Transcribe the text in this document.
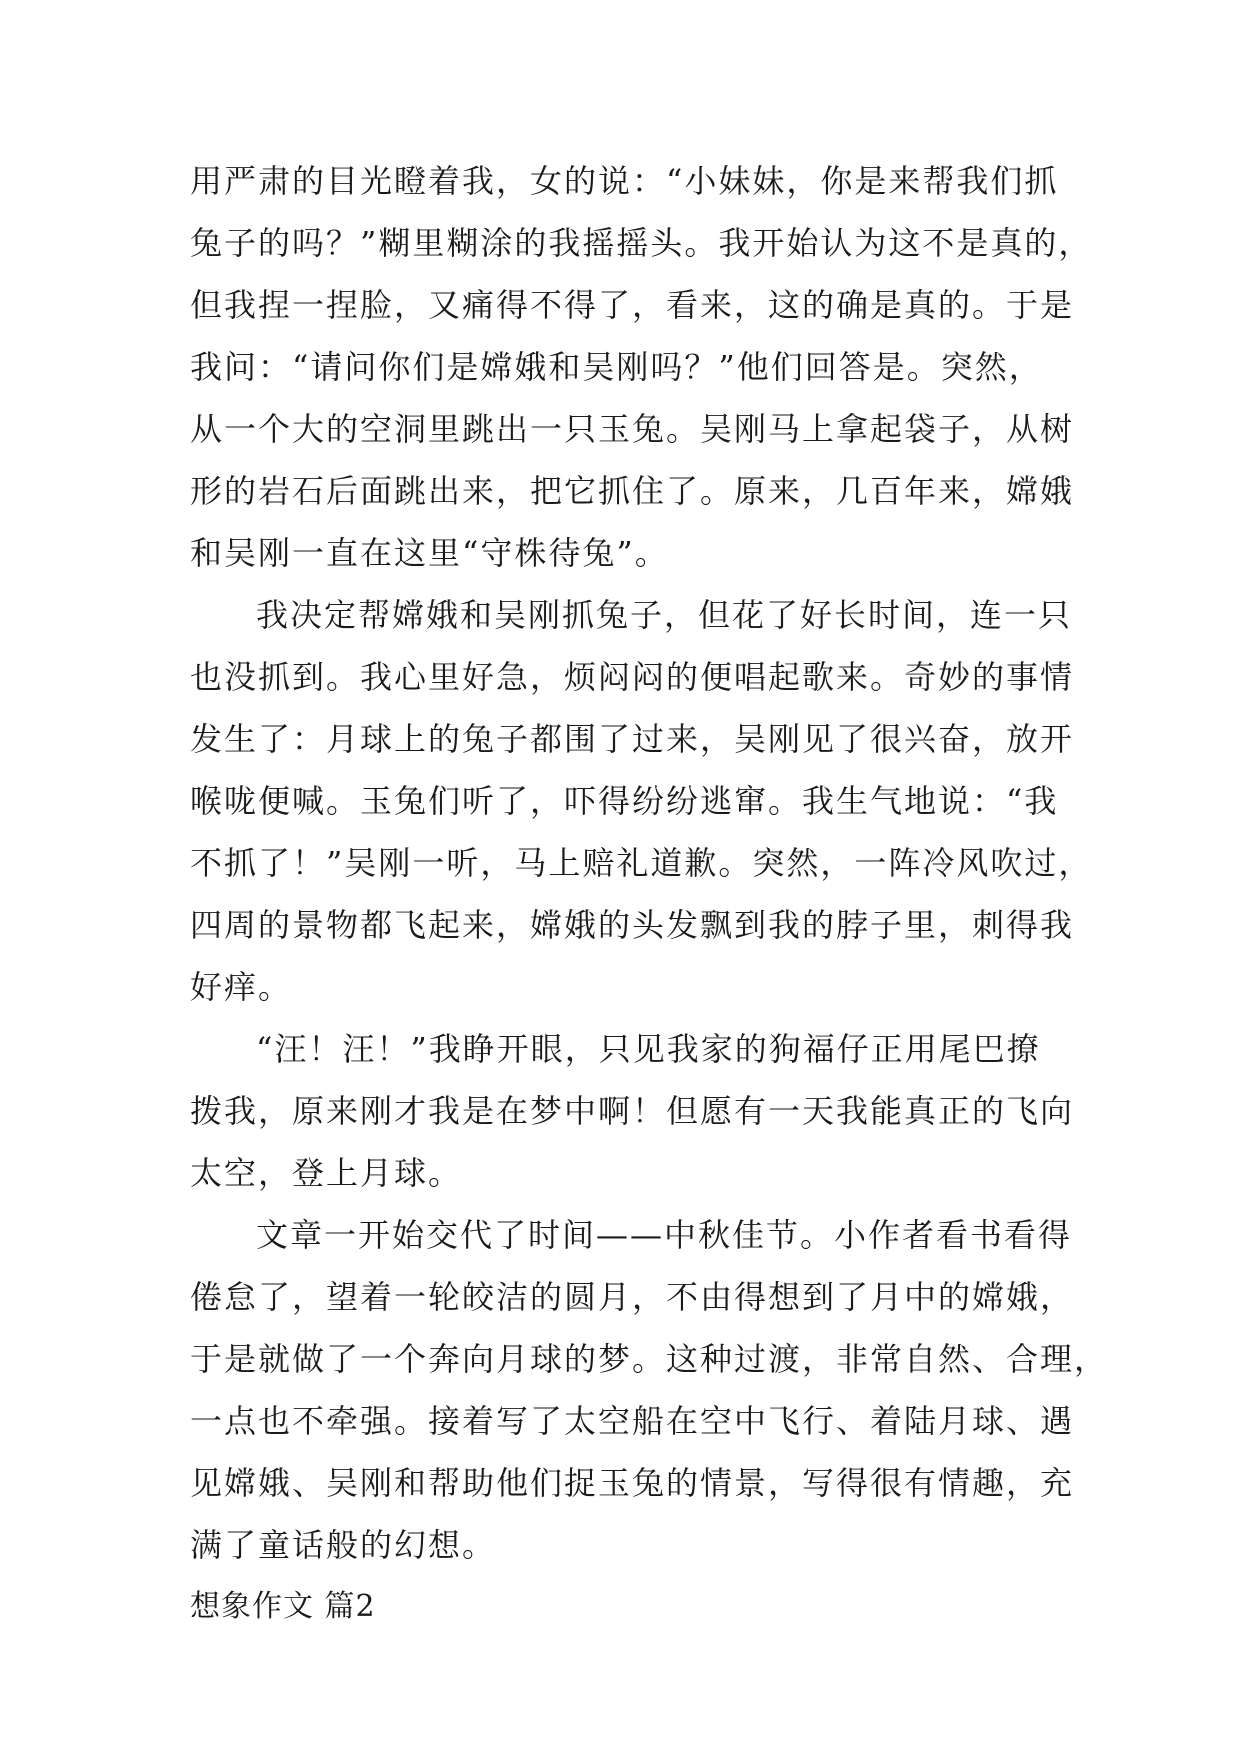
用严肃的目光瞪着我，女的说：“小妹妹，你是来帮我们抓
兔子的吗？”糊里糊涂的我摇摇头。我开始认为这不是真的，
但我捏一捏脸，又痛得不得了，看来，这的确是真的。于是
我问：“请问你们是嫦娥和吴刚吗？”他们回答是。突然，
从一个大的空洞里跳出一只玉兔。吴刚马上拿起袋子，从树
形的岩石后面跳出来，把它抓住了。原来，几百年来，嫦娥
和吴刚一直在这里“守株待兔”。
我决定帮嫦娥和吴刚抓兔子，但花了好长时间，连一只
也没抓到。我心里好急，烦闷闷的便唱起歌来。奇妙的事情
发生了：月球上的兔子都围了过来，吴刚见了很兴奋，放开
喉咙便喊。玉兔们听了，吓得纷纷逃窜。我生气地说：“我
不抓了！”吴刚一听，马上赔礼道歉。突然，一阵冷风吹过，
四周的景物都飞起来，嫦娥的头发飘到我的脖子里，刺得我
好痒。
“汪！汪！”我睁开眼，只见我家的狗福仔正用尾巴撩
拨我，原来刚才我是在梦中啊！但愿有一天我能真正的飞向
太空，登上月球。
文章一开始交代了时间——中秋佳节。小作者看书看得
倦怠了，望着一轮皎洁的圆月，不由得想到了月中的嫦娥，
于是就做了一个奔向月球的梦。这种过渡，非常自然、合理，
一点也不牵强。接着写了太空船在空中飞行、着陆月球、遇
见嫦娥、吴刚和帮助他们捉玉兔的情景，写得很有情趣，充
满了童话般的幻想。
想象作文 篇2
